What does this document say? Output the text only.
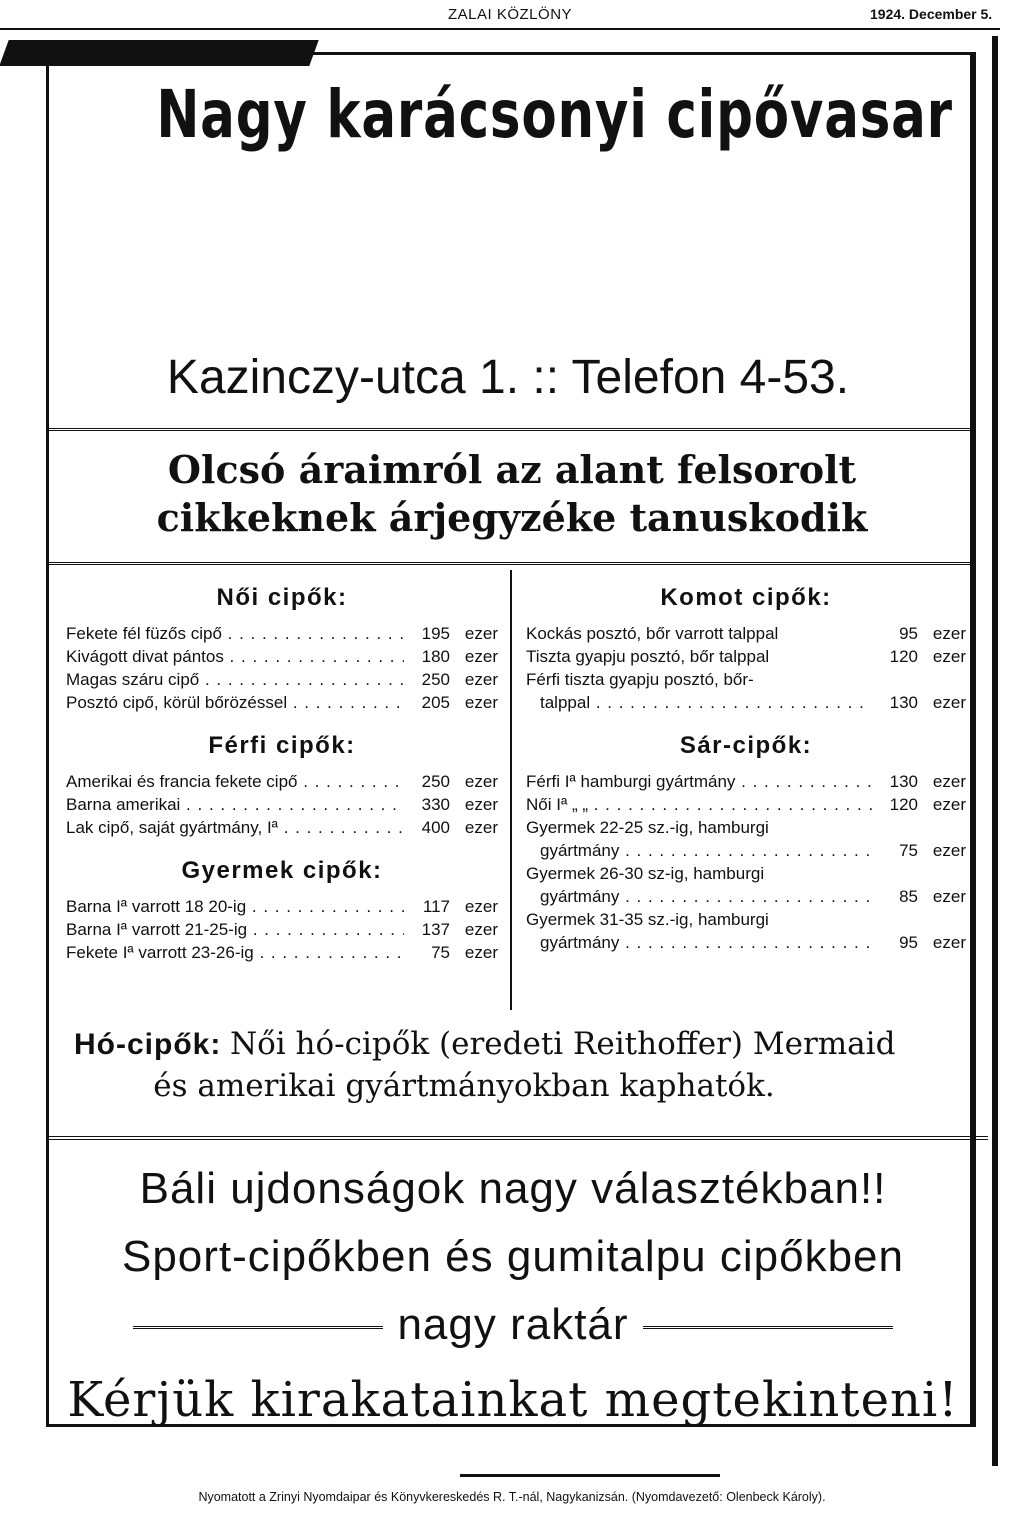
ZALAI KÖZLÖNY	1924. December 5.
Nagy karácsonyi cipővasar
Kazinczy-utca 1. :: Telefon 4-53.
Olcsó áraimról az alant felsorolt
cikkeknek árjegyzéke tanuskodik
Női cipők:
Fekete fél füzős cipő . . .	195 ezer
Kivágott divat pántos . . .	180 ezer
Magas száru cipő . . .	250 ezer
Posztó cipő, körül bőrözéssel . . .	205 ezer
Férfi cipők:
Amerikai és francia fekete cipő . . .	250 ezer
Barna amerikai . . .	330 ezer
Lak cipő, saját gyártmány, Iª . . .	400 ezer
Gyermek cipők:
Barna Iª varrott 18 20-ig . . .	117 ezer
Barna Iª varrott 21-25-ig . . .	137 ezer
Fekete Iª varrott 23-26-ig . . .	75 ezer
Komot cipők:
Kockás posztó, bőr varrott talppal	95 ezer
Tiszta gyapju posztó, bőr talppal	120 ezer
Férfi tiszta gyapju posztó, bőr-
talppal . . .	130 ezer
Sár-cipők:
Férfi Iª hamburgi gyártmány . . .	130 ezer
Női Iª „ „ . . .	120 ezer
Gyermek 22-25 sz.-ig, hamburgi
gyártmány . . .	75 ezer
Gyermek 26-30 sz-ig, hamburgi
gyártmány . . .	85 ezer
Gyermek 31-35 sz.-ig, hamburgi
gyártmány . . .	95 ezer
Hó-cipők: Női hó-cipők (eredeti Reithoffer) Mermaid
és amerikai gyártmányokban kaphatók.
Báli ujdonságok nagy választékban!!
Sport-cipőkben és gumitalpu cipőkben
nagy raktár
Kérjük kirakatainkat megtekinteni!
Nyomatott a Zrinyi Nyomdaipar és Könyvkereskedés R. T.-nál, Nagykanizsán. (Nyomdavezető: Olenbeck Károly).
